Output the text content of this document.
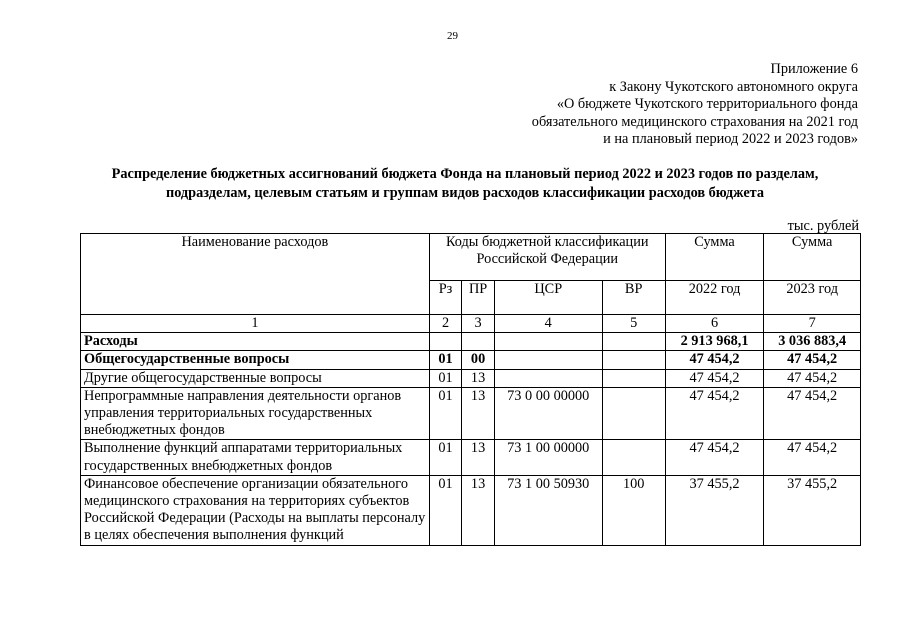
29
Приложение 6
к Закону Чукотского автономного округа
«О бюджете Чукотского территориального фонда
обязательного медицинского страхования на 2021 год
и на плановый период 2022 и 2023 годов»
Распределение бюджетных ассигнований бюджета Фонда на плановый период 2022 и 2023 годов по разделам,
подразделам, целевым статьям и группам видов расходов классификации расходов бюджета
тыс. рублей
Наименование расходов	Коды бюджетной классификации Российской Федерации				Сумма	Сумма
	Рз	ПР	ЦСР	ВР	2022 год	2023 год
1	2	3	4	5	6	7
Расходы					2 913 968,1	3 036 883,4
Общегосударственные вопросы	01	00			47 454,2	47 454,2
Другие общегосударственные вопросы	01	13			47 454,2	47 454,2
Непрограммные направления деятельности органов управления территориальных государственных внебюджетных фондов	01	13	73 0 00 00000		47 454,2	47 454,2
Выполнение функций аппаратами территориальных государственных внебюджетных фондов	01	13	73 1 00 00000		47 454,2	47 454,2
Финансовое обеспечение организации обязательного медицинского страхования на территориях субъектов Российской Федерации (Расходы на выплаты персоналу в целях обеспечения выполнения функций	01	13	73 1 00 50930	100	37 455,2	37 455,2
